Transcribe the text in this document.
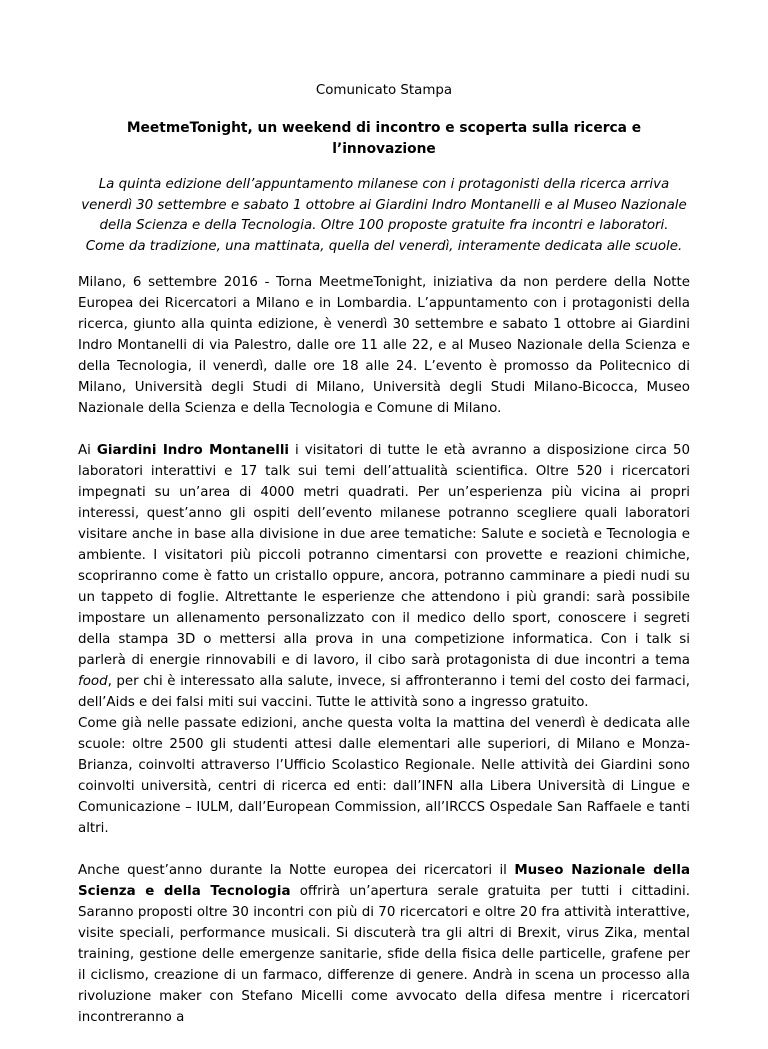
Comunicato Stampa

MeetmeTonight, un weekend di incontro e scoperta sulla ricerca e l’innovazione

La quinta edizione dell’appuntamento milanese con i protagonisti della ricerca arriva venerdì 30 settembre e sabato 1 ottobre ai Giardini Indro Montanelli e al Museo Nazionale della Scienza e della Tecnologia. Oltre 100 proposte gratuite fra incontri e laboratori. Come da tradizione, una mattinata, quella del venerdì, interamente dedicata alle scuole.

Milano, 6 settembre 2016 - Torna MeetmeTonight, iniziativa da non perdere della Notte Europea dei Ricercatori a Milano e in Lombardia. L’appuntamento con i protagonisti della ricerca, giunto alla quinta edizione, è venerdì 30 settembre e sabato 1 ottobre ai Giardini Indro Montanelli di via Palestro, dalle ore 11 alle 22, e al Museo Nazionale della Scienza e della Tecnologia, il venerdì, dalle ore 18 alle 24. L’evento è promosso da Politecnico di Milano, Università degli Studi di Milano, Università degli Studi Milano-Bicocca, Museo Nazionale della Scienza e della Tecnologia e Comune di Milano.

Ai Giardini Indro Montanelli i visitatori di tutte le età avranno a disposizione circa 50 laboratori interattivi e 17 talk sui temi dell’attualità scientifica. Oltre 520 i ricercatori impegnati su un’area di 4000 metri quadrati. Per un’esperienza più vicina ai propri interessi, quest’anno gli ospiti dell’evento milanese potranno scegliere quali laboratori visitare anche in base alla divisione in due aree tematiche: Salute e società e Tecnologia e ambiente. I visitatori più piccoli potranno cimentarsi con provette e reazioni chimiche, scopriranno come è fatto un cristallo oppure, ancora, potranno camminare a piedi nudi su un tappeto di foglie. Altrettante le esperienze che attendono i più grandi: sarà possibile impostare un allenamento personalizzato con il medico dello sport, conoscere i segreti della stampa 3D o mettersi alla prova in una competizione informatica. Con i talk si parlerà di energie rinnovabili e di lavoro, il cibo sarà protagonista di due incontri a tema food, per chi è interessato alla salute, invece, si affronteranno i temi del costo dei farmaci, dell’Aids e dei falsi miti sui vaccini. Tutte le attività sono a ingresso gratuito.

Come già nelle passate edizioni, anche questa volta la mattina del venerdì è dedicata alle scuole: oltre 2500 gli studenti attesi dalle elementari alle superiori, di Milano e Monza-Brianza, coinvolti attraverso l’Ufficio Scolastico Regionale. Nelle attività dei Giardini sono coinvolti università, centri di ricerca ed enti: dall’INFN alla Libera Università di Lingue e Comunicazione – IULM, dall’European Commission, all’IRCCS Ospedale San Raffaele e tanti altri.

Anche quest’anno durante la Notte europea dei ricercatori il Museo Nazionale della Scienza e della Tecnologia offrirà un’apertura serale gratuita per tutti i cittadini. Saranno proposti oltre 30 incontri con più di 70 ricercatori e oltre 20 fra attività interattive, visite speciali, performance musicali. Si discuterà tra gli altri di Brexit, virus Zika, mental training, gestione delle emergenze sanitarie, sfide della fisica delle particelle, grafene per il ciclismo, creazione di un farmaco, differenze di genere. Andrà in scena un processo alla rivoluzione maker con Stefano Micelli come avvocato della difesa mentre i ricercatori incontreranno a
